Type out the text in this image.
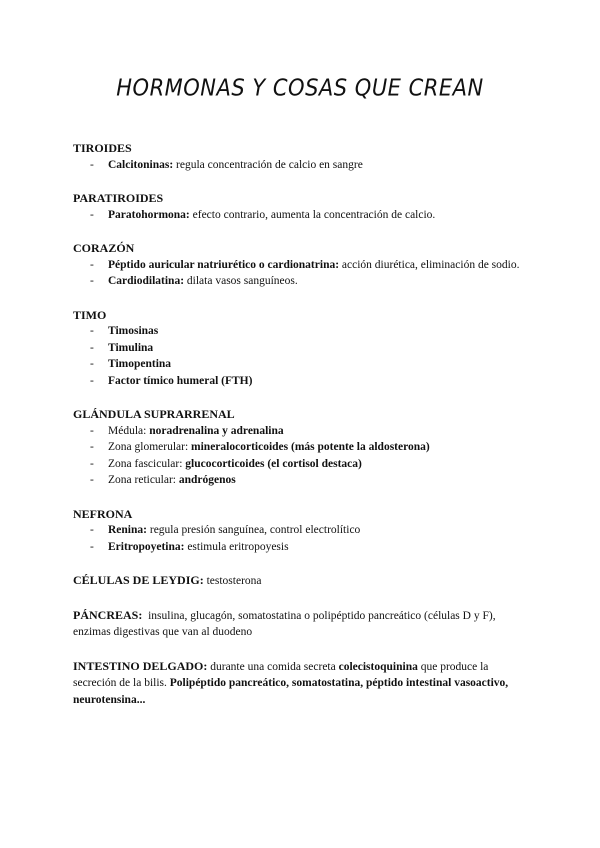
HORMONAS Y COSAS QUE CREAN
TIROIDES
- Calcitoninas: regula concentración de calcio en sangre
PARATIROIDES
- Paratohormona: efecto contrario, aumenta la concentración de calcio.
CORAZÓN
- Péptido auricular natriurético o cardionatrina: acción diurética, eliminación de sodio.
- Cardiodilatina: dilata vasos sanguíneos.
TIMO
- Timosinas
- Timulina
- Timopentina
- Factor tímico humeral (FTH)
GLÁNDULA SUPRARRENAL
- Médula: noradrenalina y adrenalina
- Zona glomerular: mineralocorticoides (más potente la aldosterona)
- Zona fascicular: glucocorticoides (el cortisol destaca)
- Zona reticular: andrógenos
NEFRONA
- Renina: regula presión sanguínea, control electrolítico
- Eritropoyetina: estimula eritropoyesis

CÉLULAS DE LEYDIG: testosterona

PÁNCREAS:  insulina, glucagón, somatostatina o polipéptido pancreático (células D y F), enzimas digestivas que van al duodeno

INTESTINO DELGADO: durante una comida secreta colecistoquinina que produce la secreción de la bilis. Polipéptido pancreático, somatostatina, péptido intestinal vasoactivo, neurotensina...
